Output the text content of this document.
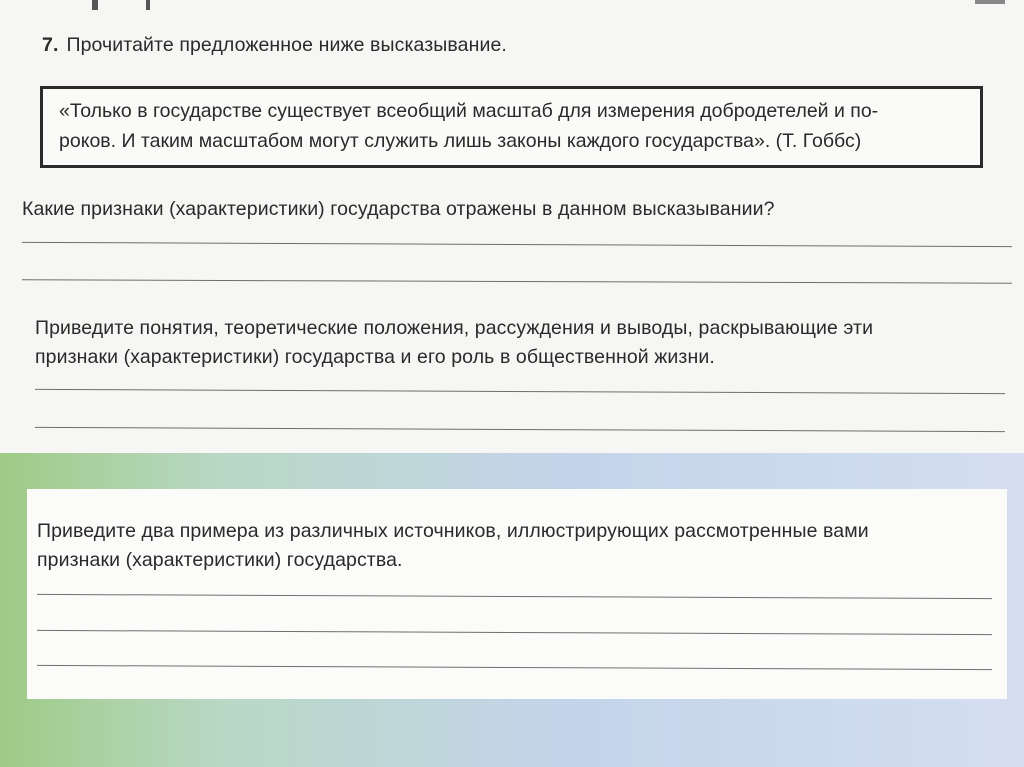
7. Прочитайте предложенное ниже высказывание.
«Только в государстве существует всеобщий масштаб для измерения добродетелей и по-
роков. И таким масштабом могут служить лишь законы каждого государства». (Т. Гоббс)
Какие признаки (характеристики) государства отражены в данном высказывании?
Приведите понятия, теоретические положения, рассуждения и выводы, раскрывающие эти
признаки (характеристики) государства и его роль в общественной жизни.
Приведите два примера из различных источников, иллюстрирующих рассмотренные вами
признаки (характеристики) государства.
